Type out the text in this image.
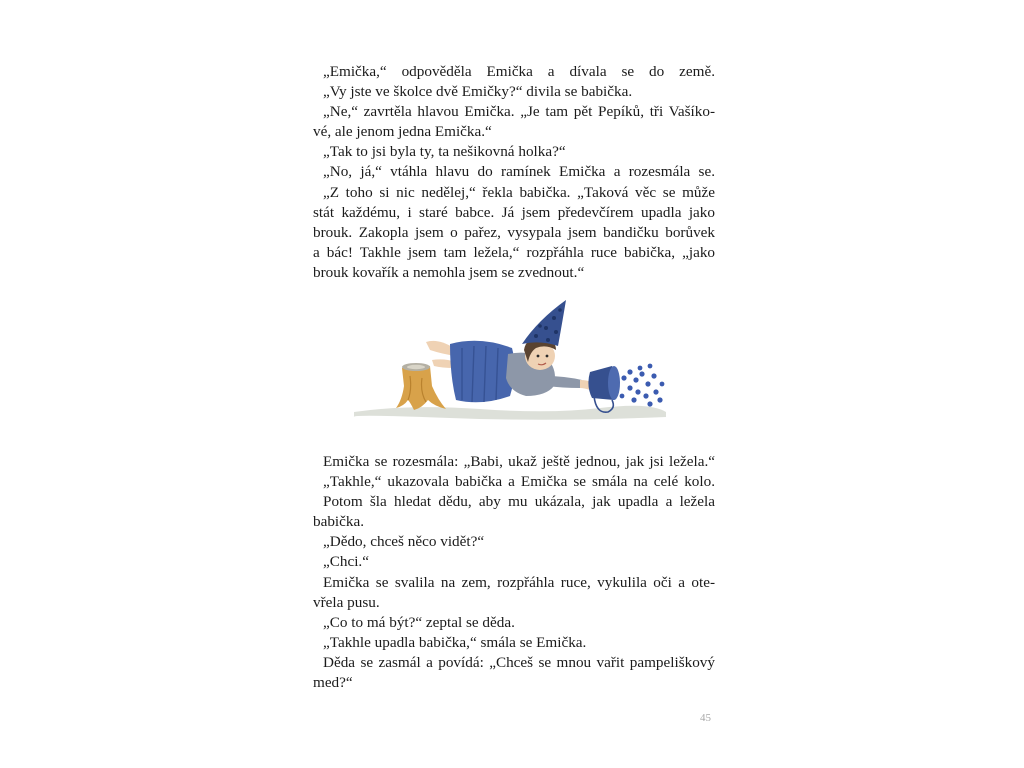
„Emička,“ odpověděla Emička a dívala se do země.

„Vy jste ve školce dvě Emičky?“ divila se babička.

„Ne,“ zavrtěla hlavou Emička. „Je tam pět Pepíků, tři Vašíko-

vé, ale jenom jedna Emička.“

„Tak to jsi byla ty, ta nešikovná holka?“

„No, já,“ vtáhla hlavu do ramínek Emička a rozesmála se.

„Z toho si nic nedělej,“ řekla babička. „Taková věc se může

stát každému, i staré babce. Já jsem předevčírem upadla jako

brouk. Zakopla jsem o pařez, vysypala jsem bandičku borůvek

a bác! Takhle jsem tam ležela,“ rozpřáhla ruce babička, „jako

brouk kovařík a nemohla jsem se zvednout.“

Emička se rozesmála: „Babi, ukaž ještě jednou, jak jsi ležela.“

„Takhle,“ ukazovala babička a Emička se smála na celé kolo.

Potom šla hledat dědu, aby mu ukázala, jak upadla a ležela

babička.

„Dědo, chceš něco vidět?“

„Chci.“

Emička se svalila na zem, rozpřáhla ruce, vykulila oči a ote-

vřela pusu.

„Co to má být?“ zeptal se děda.

„Takhle upadla babička,“ smála se Emička.

Děda se zasmál a povídá: „Chceš se mnou vařit pampeliškový

med?“

45
